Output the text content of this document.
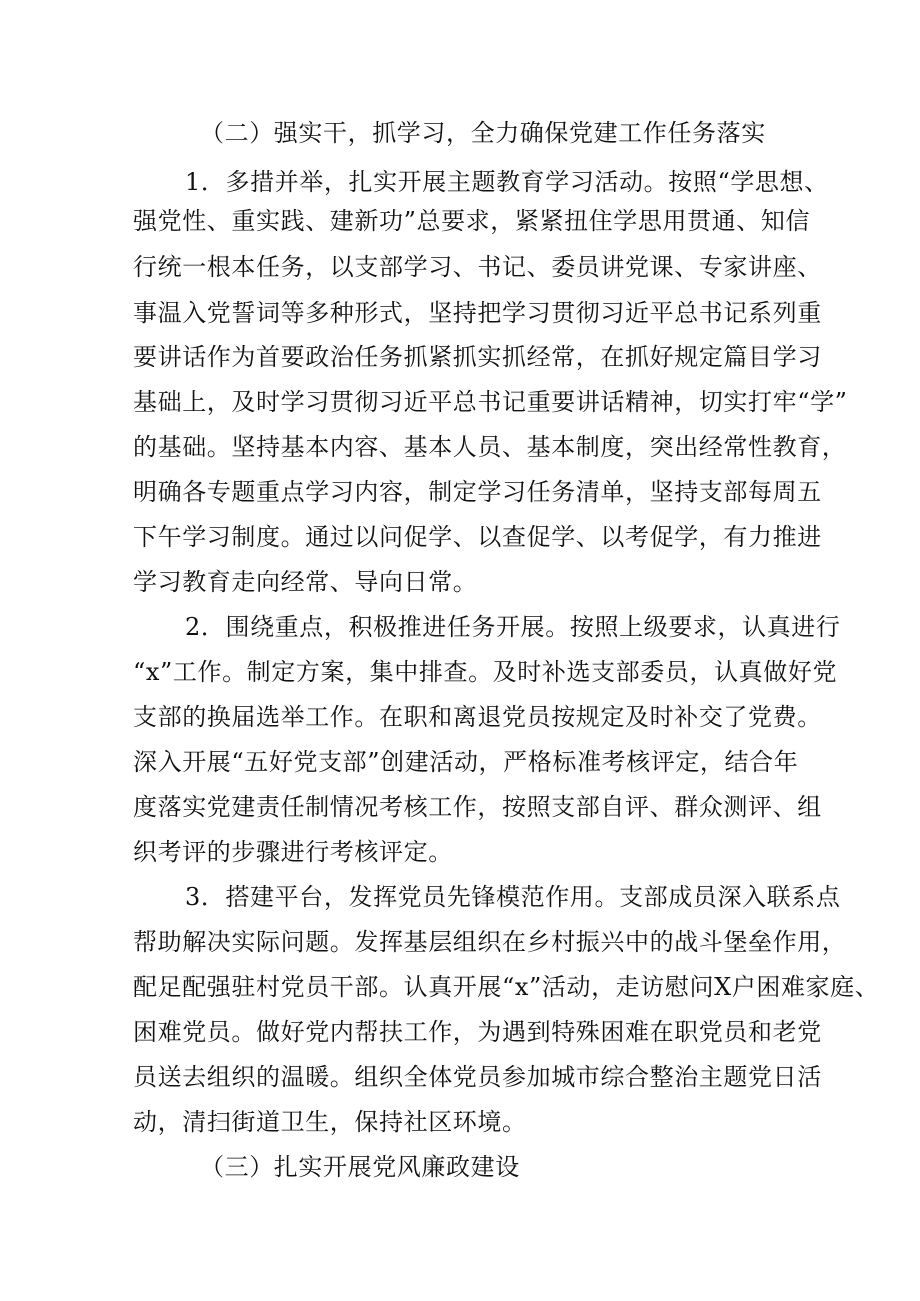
（二）强实干，抓学习，全力确保党建工作任务落实
1．多措并举，扎实开展主题教育学习活动。按照“学思想、
强党性、重实践、建新功”总要求，紧紧扭住学思用贯通、知信
行统一根本任务，以支部学习、书记、委员讲党课、专家讲座、
事温入党誓词等多种形式，坚持把学习贯彻习近平总书记系列重
要讲话作为首要政治任务抓紧抓实抓经常，在抓好规定篇目学习
基础上，及时学习贯彻习近平总书记重要讲话精神，切实打牢“学”
的基础。坚持基本内容、基本人员、基本制度，突出经常性教育，
明确各专题重点学习内容，制定学习任务清单，坚持支部每周五
下午学习制度。通过以问促学、以查促学、以考促学，有力推进
学习教育走向经常、导向日常。
2．围绕重点，积极推进任务开展。按照上级要求，认真进行
“x”工作。制定方案，集中排查。及时补选支部委员，认真做好党
支部的换届选举工作。在职和离退党员按规定及时补交了党费。
深入开展“五好党支部”创建活动，严格标准考核评定，结合年
度落实党建责任制情况考核工作，按照支部自评、群众测评、组
织考评的步骤进行考核评定。
3．搭建平台，发挥党员先锋模范作用。支部成员深入联系点
帮助解决实际问题。发挥基层组织在乡村振兴中的战斗堡垒作用，
配足配强驻村党员干部。认真开展“x”活动，走访慰问X户困难家庭、
困难党员。做好党内帮扶工作，为遇到特殊困难在职党员和老党
员送去组织的温暖。组织全体党员参加城市综合整治主题党日活
动，清扫街道卫生，保持社区环境。
（三）扎实开展党风廉政建设
